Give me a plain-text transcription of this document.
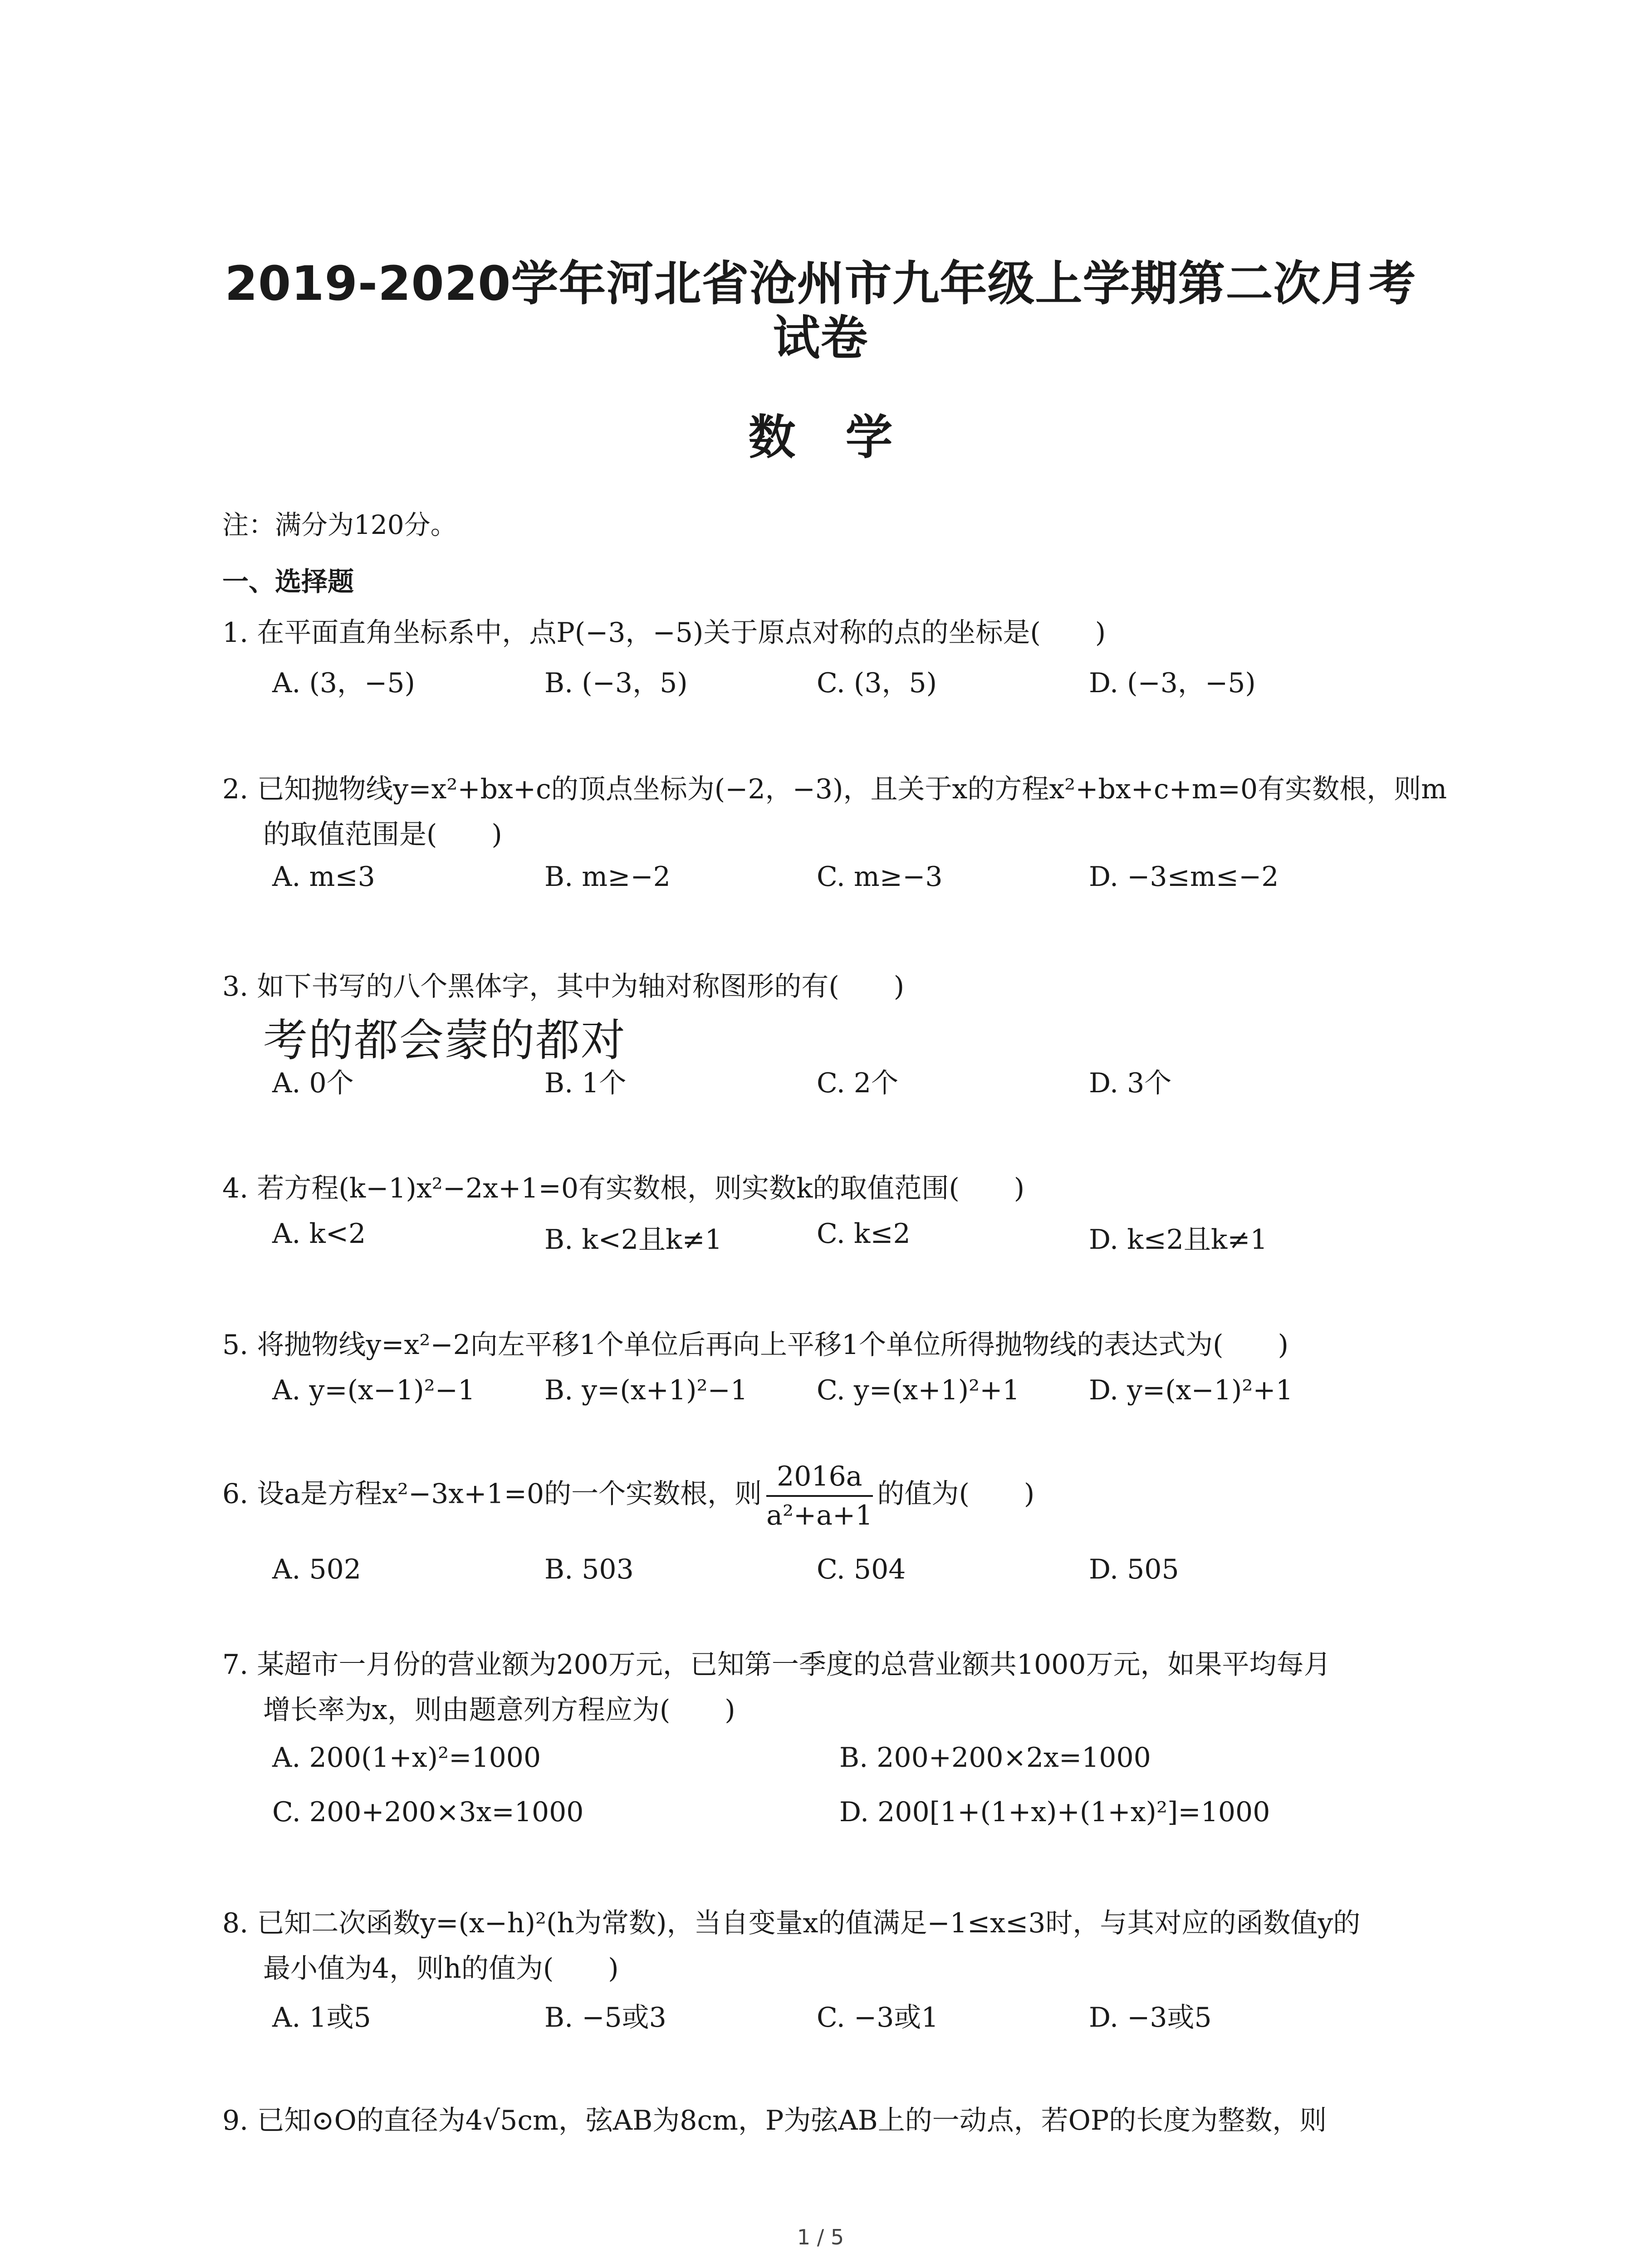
2019-2020学年河北省沧州市九年级上学期第二次月考
试卷
数学
注：满分为120分。
一、选择题
1. 在平面直角坐标系中，点P(−3，−5)关于原点对称的点的坐标是(　　)
A. (3，−5)	B. (−3，5)	C. (3，5)	D. (−3，−5)
2. 已知抛物线y=x²+bx+c的顶点坐标为(−2，−3)，且关于x的方程x²+bx+c+m=0有实数根，则m
的取值范围是(　　)
A. m≤3	B. m≥−2	C. m≥−3	D. −3≤m≤−2
3. 如下书写的八个黑体字，其中为轴对称图形的有(　　)
考的都会蒙的都对
A. 0个	B. 1个	C. 2个	D. 3个
4. 若方程(k−1)x²−2x+1=0有实数根，则实数k的取值范围(　　)
A. k<2	B. k<2且k≠1	C. k≤2	D. k≤2且k≠1
5. 将抛物线y=x²−2向左平移1个单位后再向上平移1个单位所得抛物线的表达式为(　　)
A. y=(x−1)²−1	B. y=(x+1)²−1	C. y=(x+1)²+1	D. y=(x−1)²+1
6. 设a是方程x²−3x+1=0的一个实数根，则 $\frac{2016a}{\text{a²+a+1}}$ 的值为(　　)
A. 502	B. 503	C. 504	D. 505
7. 某超市一月份的营业额为200万元，已知第一季度的总营业额共1000万元，如果平均每月
增长率为x，则由题意列方程应为(　　)
A. 200(1+x)²=1000	B. 200+200×2x=1000
C. 200+200×3x=1000	D. 200[1+(1+x)+(1+x)²]=1000
8. 已知二次函数y=(x−h)²(h为常数)，当自变量x的值满足−1≤x≤3时，与其对应的函数值y的
最小值为4，则h的值为(　　)
A. 1或5	B. −5或3	C. −3或1	D. −3或5
9. 已知⊙O的直径为4√5cm，弦AB为8cm，P为弦AB上的一动点，若OP的长度为整数，则
1 / 5
